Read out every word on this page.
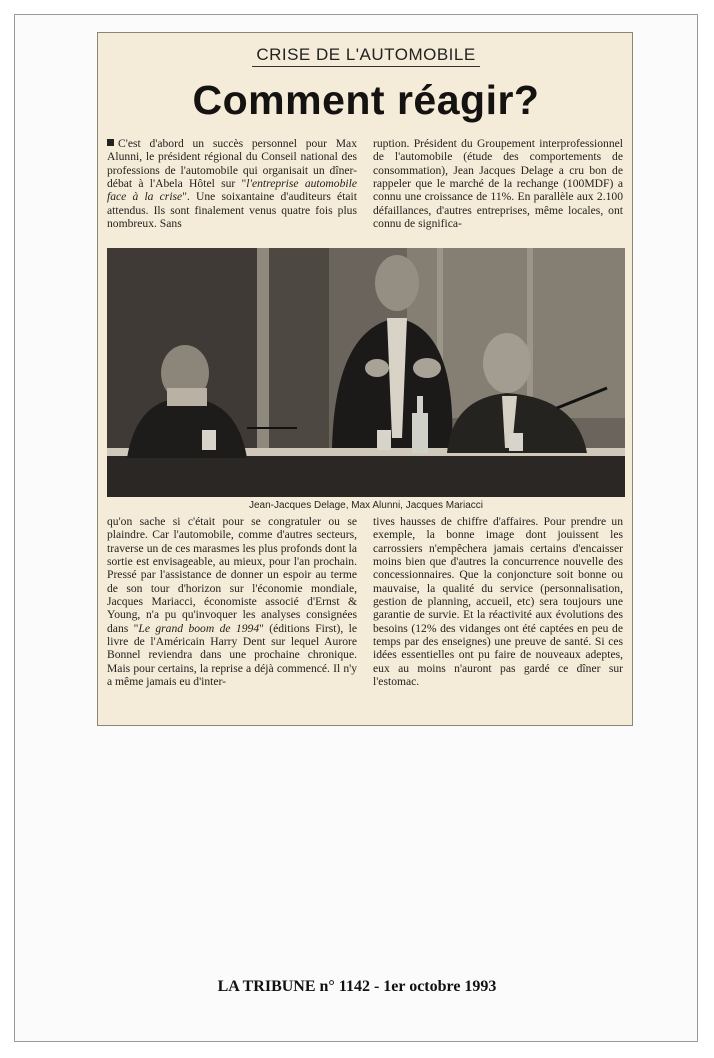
CRISE DE L'AUTOMOBILE
Comment réagir?

C'est d'abord un succès personnel pour Max Alunni, le président régional du Conseil national des professions de l'automobile qui organisait un dîner-débat à l'Abela Hôtel sur "l'entreprise automobile face à la crise". Une soixantaine d'auditeurs était attendus. Ils sont finalement venus quatre fois plus nombreux. Sans

ruption. Président du Groupement interprofessionnel de l'automobile (étude des comportements de consommation), Jean Jacques Delage a cru bon de rappeler que le marché de la rechange (100MDF) a connu une croissance de 11%. En parallèle aux 2.100 défaillances, d'autres entreprises, même locales, ont connu de significa-

Jean-Jacques Delage, Max Alunni, Jacques Mariacci

qu'on sache si c'était pour se congratuler ou se plaindre. Car l'automobile, comme d'autres secteurs, traverse un de ces marasmes les plus profonds dont la sortie est envisageable, au mieux, pour l'an prochain. Pressé par l'assistance de donner un espoir au terme de son tour d'horizon sur l'économie mondiale, Jacques Mariacci, économiste associé d'Ernst & Young, n'a pu qu'invoquer les analyses consignées dans "Le grand boom de 1994" (éditions First), le livre de l'Américain Harry Dent sur lequel Aurore Bonnel reviendra dans une prochaine chronique. Mais pour certains, la reprise a déjà commencé. Il n'y a même jamais eu d'inter-

tives hausses de chiffre d'affaires. Pour prendre un exemple, la bonne image dont jouissent les carrossiers n'empêchera jamais certains d'encaisser moins bien que d'autres la concurrence nouvelle des concessionnaires. Que la conjoncture soit bonne ou mauvaise, la qualité du service (personnalisation, gestion de planning, accueil, etc) sera toujours une garantie de survie. Et la réactivité aux évolutions des besoins (12% des vidanges ont été captées en peu de temps par des enseignes) une preuve de santé. Si ces idées essentielles ont pu faire de nouveaux adeptes, eux au moins n'auront pas gardé ce dîner sur l'estomac.

LA TRIBUNE n° 1142 - 1er octobre 1993
